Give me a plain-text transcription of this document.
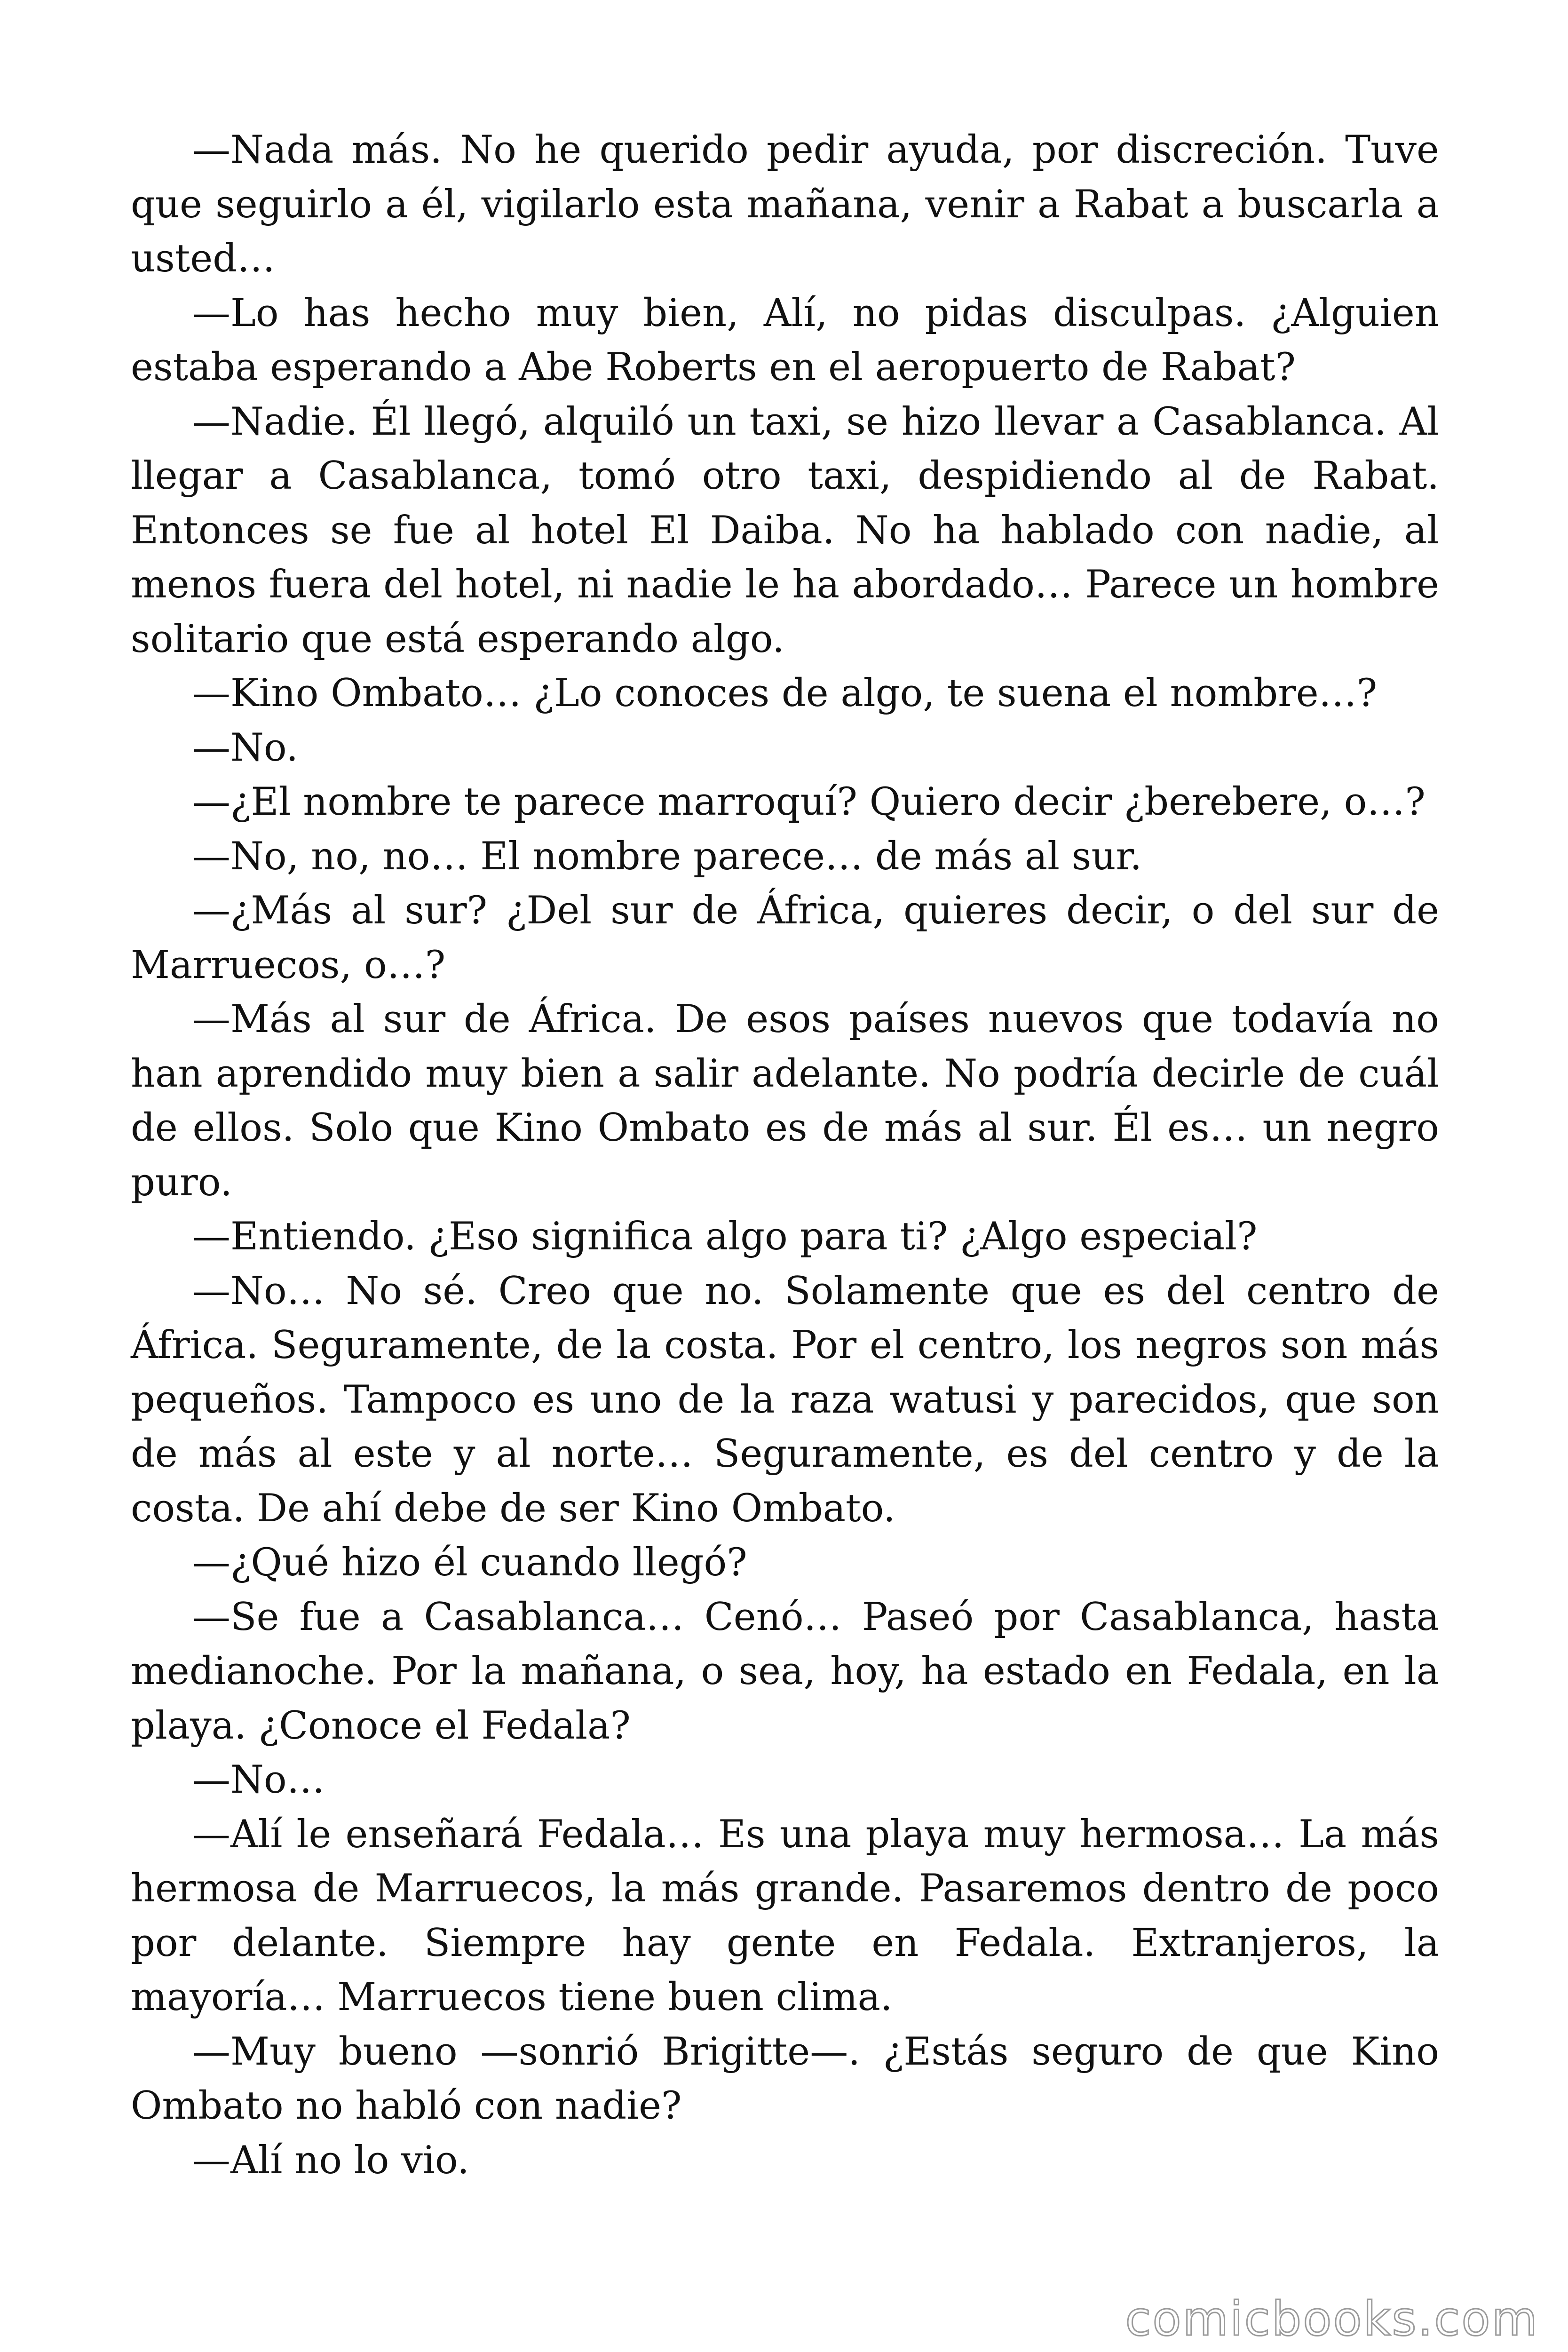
—Nada más. No he querido pedir ayuda, por discreción. Tuve que seguirlo a él, vigilarlo esta mañana, venir a Rabat a buscarla a usted…

—Lo has hecho muy bien, Alí, no pidas disculpas. ¿Alguien estaba esperando a Abe Roberts en el aeropuerto de Rabat?

—Nadie. Él llegó, alquiló un taxi, se hizo llevar a Casablanca. Al llegar a Casablanca, tomó otro taxi, despidiendo al de Rabat. Entonces se fue al hotel El Daiba. No ha hablado con nadie, al menos fuera del hotel, ni nadie le ha abordado… Parece un hombre solitario que está esperando algo.

—Kino Ombato… ¿Lo conoces de algo, te suena el nombre…?

—No.

—¿El nombre te parece marroquí? Quiero decir ¿berebere, o…?

—No, no, no… El nombre parece… de más al sur.

—¿Más al sur? ¿Del sur de África, quieres decir, o del sur de Marruecos, o…?

—Más al sur de África. De esos países nuevos que todavía no han aprendido muy bien a salir adelante. No podría decirle de cuál de ellos. Solo que Kino Ombato es de más al sur. Él es… un negro puro.

—Entiendo. ¿Eso significa algo para ti? ¿Algo especial?

—No… No sé. Creo que no. Solamente que es del centro de África. Seguramente, de la costa. Por el centro, los negros son más pequeños. Tampoco es uno de la raza watusi y parecidos, que son de más al este y al norte… Seguramente, es del centro y de la costa. De ahí debe de ser Kino Ombato.

—¿Qué hizo él cuando llegó?

—Se fue a Casablanca… Cenó… Paseó por Casablanca, hasta medianoche. Por la mañana, o sea, hoy, ha estado en Fedala, en la playa. ¿Conoce el Fedala?

—No…

—Alí le enseñará Fedala… Es una playa muy hermosa… La más hermosa de Marruecos, la más grande. Pasaremos dentro de poco por delante. Siempre hay gente en Fedala. Extranjeros, la mayoría… Marruecos tiene buen clima.

—Muy bueno —sonrió Brigitte—. ¿Estás seguro de que Kino Ombato no habló con nadie?

—Alí no lo vio.

comicbooks.com
